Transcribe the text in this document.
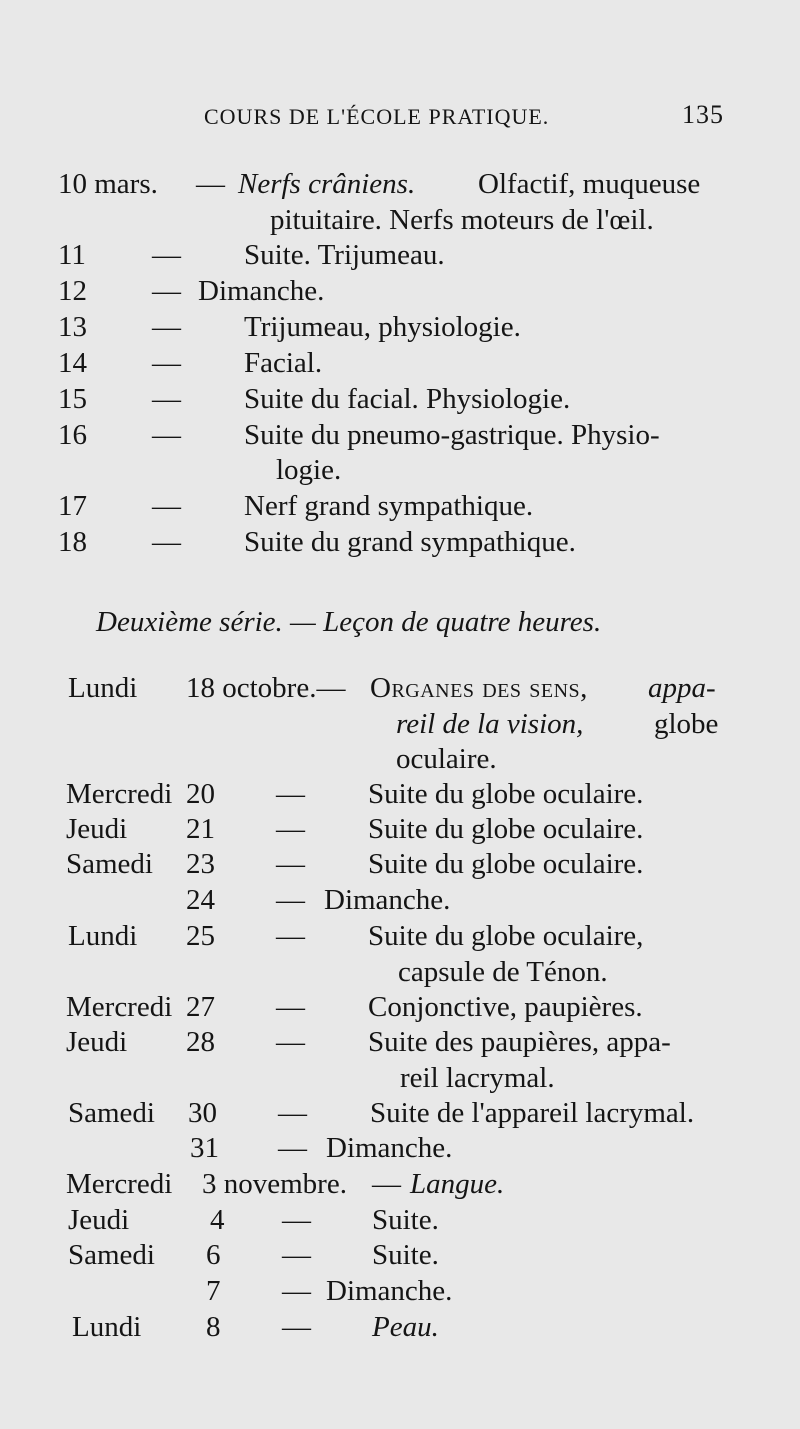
COURS DE L'ÉCOLE PRATIQUE.	135
10 mars. — Nerfs crâniens. Olfactif, muqueuse
pituitaire. Nerfs moteurs de l'œil.
11 — Suite. Trijumeau.
12 — Dimanche.
13 — Trijumeau, physiologie.
14 — Facial.
15 — Suite du facial. Physiologie.
16 — Suite du pneumo-gastrique. Physio-
logie.
17 — Nerf grand sympathique.
18 — Suite du grand sympathique.
Deuxième série. — Leçon de quatre heures.
Lundi 18 octobre.— Organes des sens, appa-
reil de la vision, globe
oculaire.
Mercredi 20 — Suite du globe oculaire.
Jeudi 21 — Suite du globe oculaire.
Samedi 23 — Suite du globe oculaire.
24 — Dimanche.
Lundi 25 — Suite du globe oculaire,
capsule de Ténon.
Mercredi 27 — Conjonctive, paupières.
Jeudi 28 — Suite des paupières, appa-
reil lacrymal.
Samedi 30 — Suite de l'appareil lacrymal.
31 — Dimanche.
Mercredi 3 novembre. — Langue.
Jeudi	4 — Suite.
Samedi 6 — Suite.
7 — Dimanche.
Lundi 8 — Peau.
